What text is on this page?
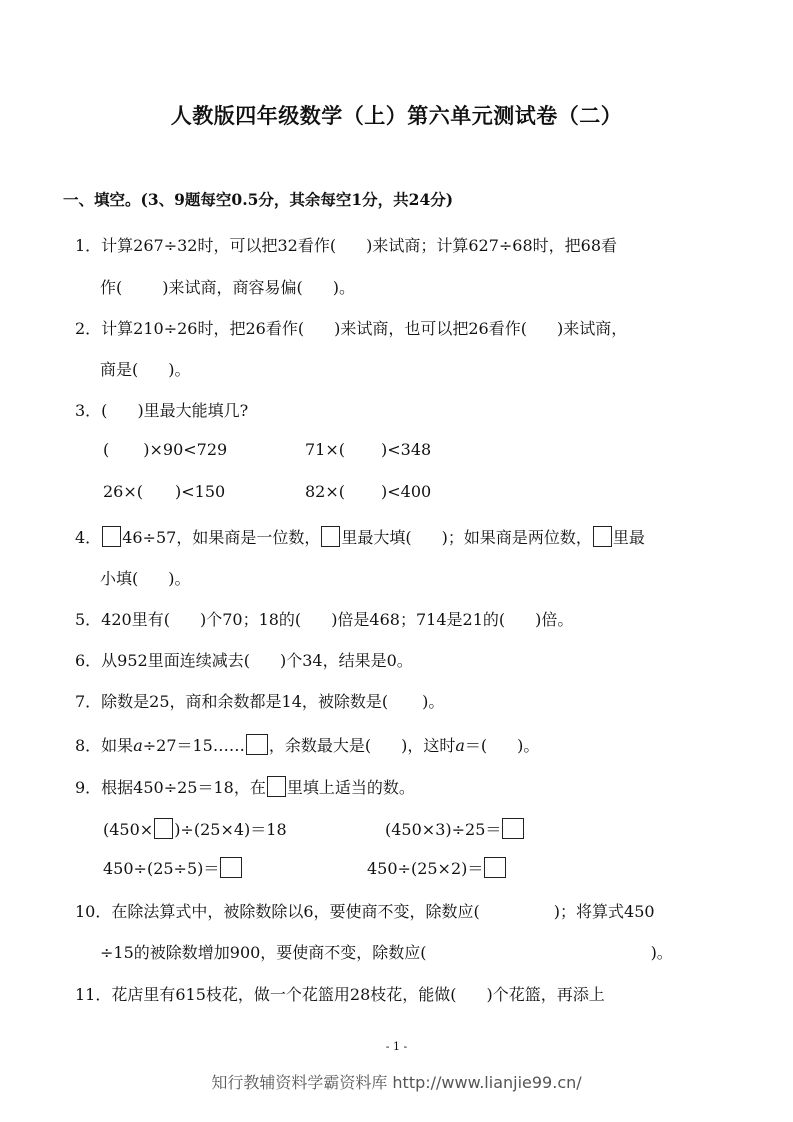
人教版四年级数学（上）第六单元测试卷（二）
一、填空。(3、9题每空0.5分，其余每空1分，共24分)
1．计算267÷32时，可以把32看作( )来试商；计算627÷68时，把68看
作(	)来试商，商容易偏( )。
2．计算210÷26时，把26看作( )来试商，也可以把26看作( )来试商，
商是( )。
3．( )里最大能填几?
( )×90<729	71×( )<348
26×( )<150	82×( )<400
4． 46÷57，如果商是一位数， 里最大填( )；如果商是两位数， 里最
小填( )。
5．420里有( )个70；18的( )倍是468；714是21的( )倍。
6．从952里面连续减去( )个34，结果是0。
7．除数是25，商和余数都是14，被除数是( )。
8．如果a÷27＝15…… ，余数最大是( )，这时a＝( )。
9．根据450÷25＝18，在 里填上适当的数。
(450× )÷(25×4)＝18	(450×3)÷25＝
450÷(25÷5)＝	450÷(25×2)＝
10．在除法算式中，被除数除以6，要使商不变，除数应(	)；将算式450
÷15的被除数增加900，要使商不变，除数应(	)。
11．花店里有615枝花，做一个花篮用28枝花，能做( )个花篮，再添上
- 1 -
知行教辅资料学霸资料库 http://www.lianjie99.cn/
